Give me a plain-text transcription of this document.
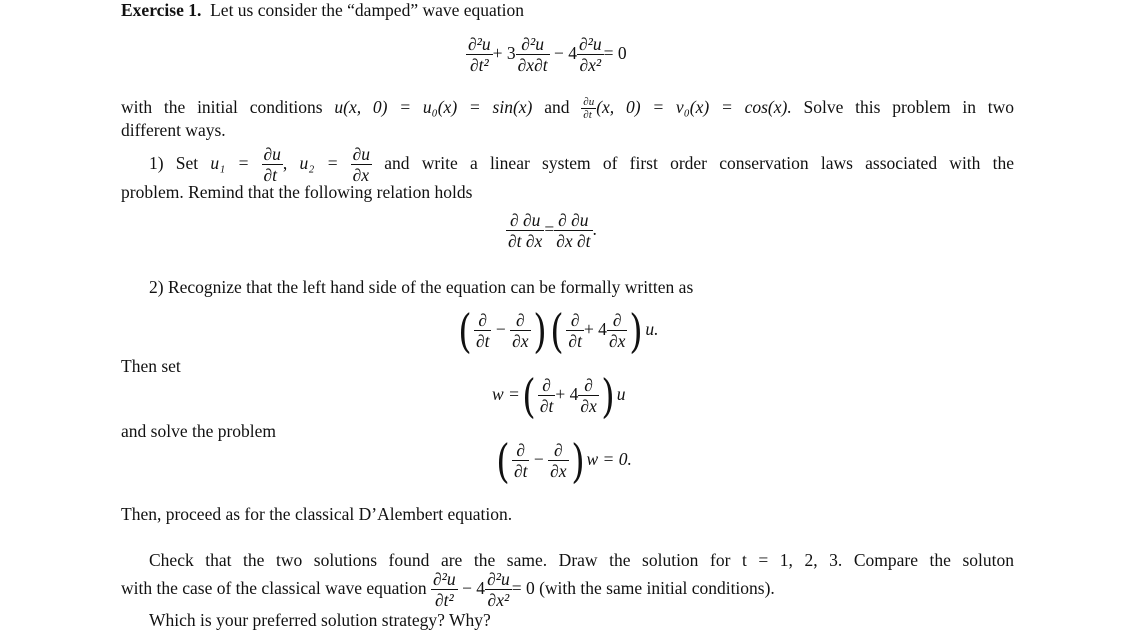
Exercise 1. Let us consider the “damped” wave equation
$\frac{\text{∂²u}}{\text{∂t²}} + 3 \frac{\text{∂²u}}{\partial x\partial t} - 4 \frac{\text{∂²u}}{\text{∂x²}} = 0$
with the initial conditions u(x, 0) = u₀(x) = sin(x) and $\frac{\partial u}{\partial t} (x$, 0) = v₀(x) = cos(x). Solve this problem in two
different ways.
1) Set $u_1 = \frac{\partial u}{\partial t}$ , $u_2 = \frac{\partial u}{\partial x}$ and write a linear system of first order conservation laws associated with the
problem. Remind that the following relation holds
$\frac{\partial \partial u}{\partial t \partial x} = \frac{\partial \partial u}{\partial x \partial t}$ .
2) Recognize that the left hand side of the equation can be formally written as
( $\frac{\partial}{\partial t} - \frac{\partial}{\partial x}$ )( $\frac{\partial}{\partial t} + 4 \frac{\partial}{\partial x}$ ) u.
Then set
w =( $\frac{\partial}{\partial t} + 4 \frac{\partial}{\partial x}$ ) u
and solve the problem
( $\frac{\partial}{\partial t} - \frac{\partial}{\partial x}$ ) w = 0.
Then, proceed as for the classical D’Alembert equation.
Check that the two solutions found are the same. Draw the solution for t = 1, 2, 3. Compare the soluton
with the case of the classical wave equation $\frac{\text{∂²u}}{\text{∂t²}} - 4 \frac{\text{∂²u}}{\text{∂x²}} = 0$ (with the same initial conditions).
Which is your preferred solution strategy? Why?
